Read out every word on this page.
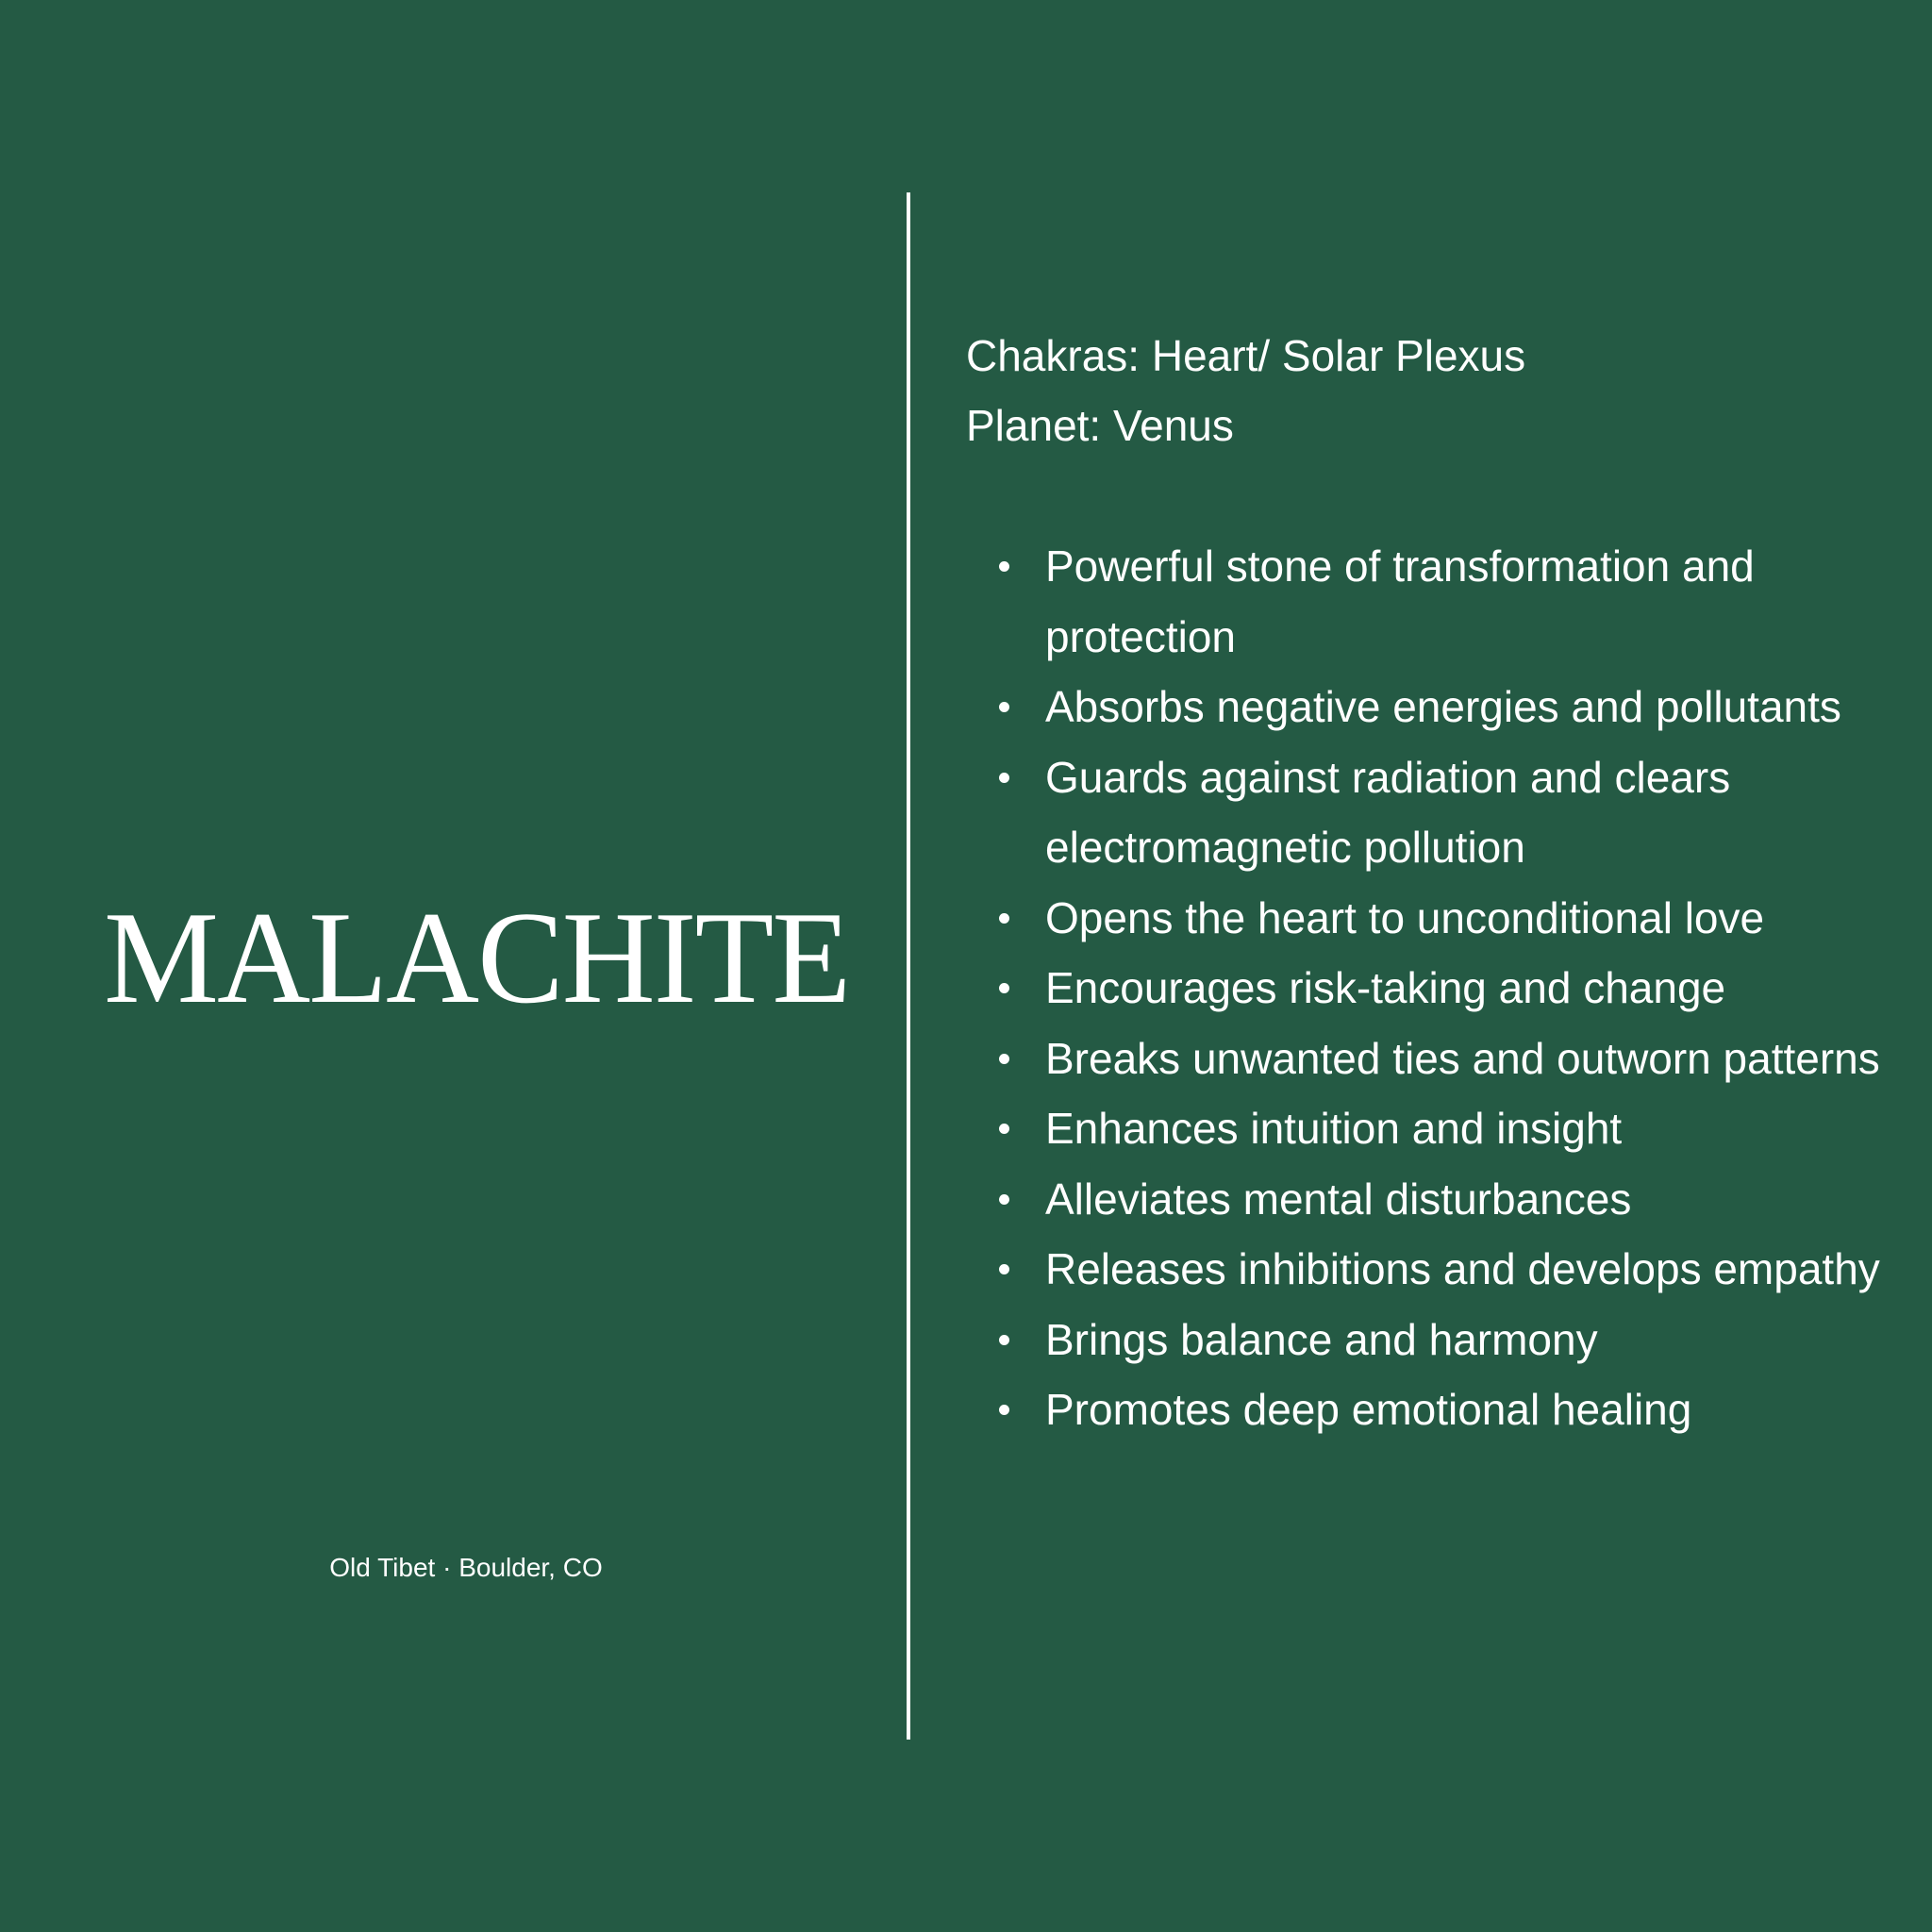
MALACHITE
Old Tibet · Boulder, CO
Chakras: Heart/ Solar Plexus
Planet: Venus
Powerful stone of transformation and protection
Absorbs negative energies and pollutants
Guards against radiation and clears electromagnetic pollution
Opens the heart to unconditional love
Encourages risk-taking and change
Breaks unwanted ties and outworn patterns
Enhances intuition and insight
Alleviates mental disturbances
Releases inhibitions and develops empathy
Brings balance and harmony
Promotes deep emotional healing
